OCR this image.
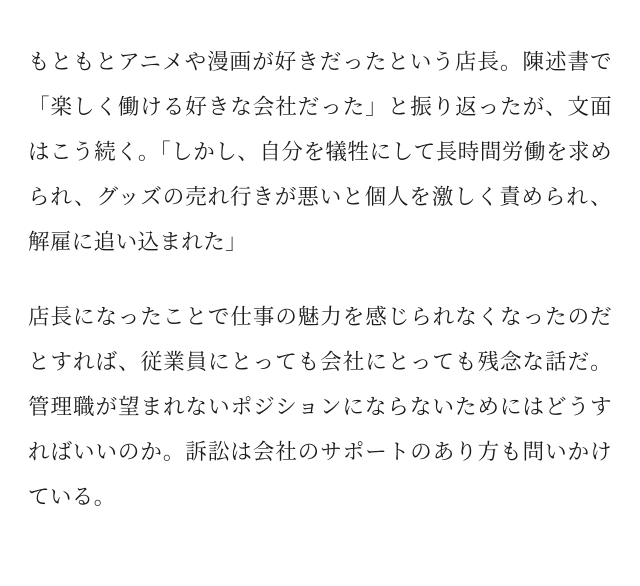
もともとアニメや漫画が好きだったという店長。陳述書で「楽しく働ける好きな会社だった」と振り返ったが、文面はこう続く。「しかし、自分を犠牲にして長時間労働を求められ、グッズの売れ行きが悪いと個人を激しく責められ、解雇に追い込まれた」

店長になったことで仕事の魅力を感じられなくなったのだとすれば、従業員にとっても会社にとっても残念な話だ。管理職が望まれないポジションにならないためにはどうすればいいのか。訴訟は会社のサポートのあり方も問いかけている。
